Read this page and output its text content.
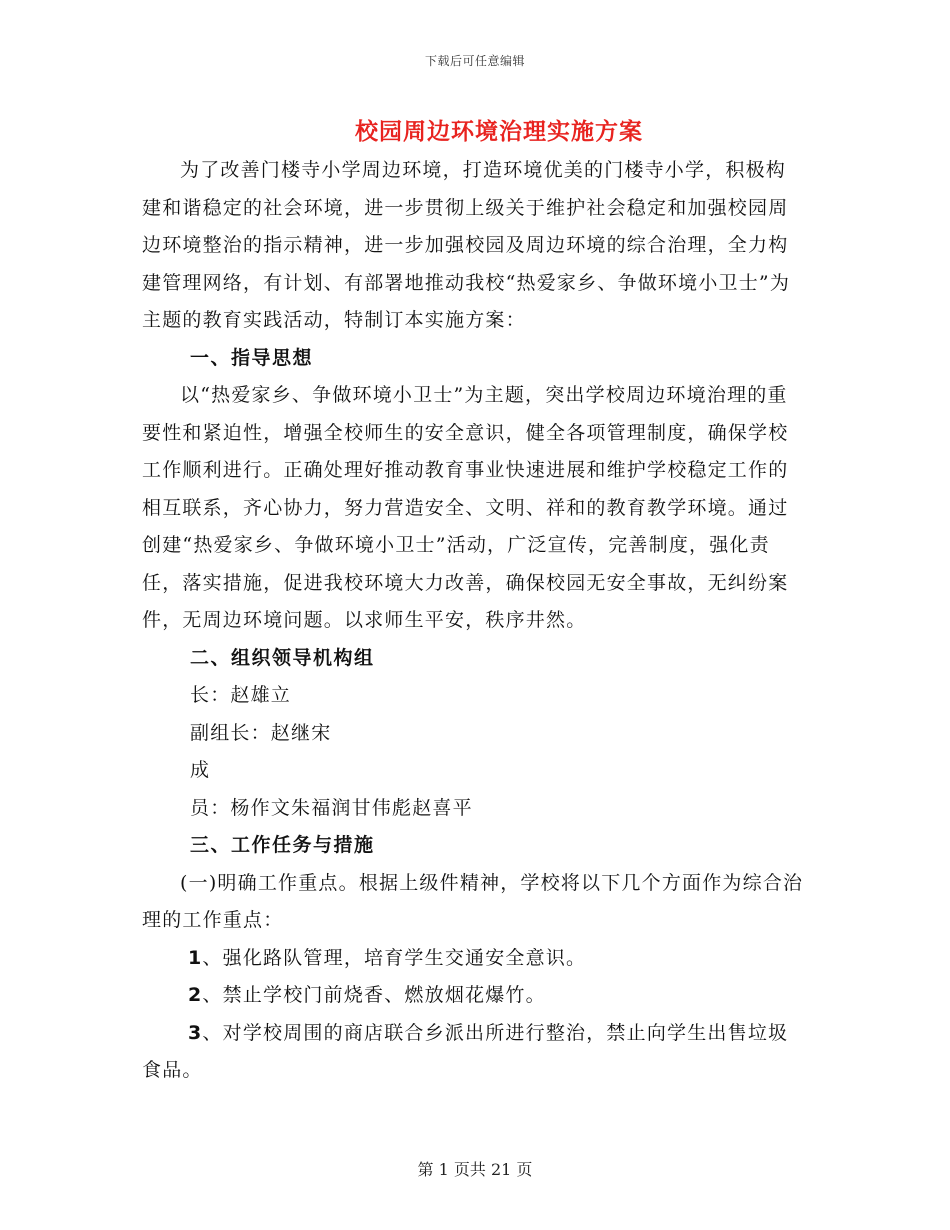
下载后可任意编辑
校园周边环境治理实施方案

为了改善门楼寺小学周边环境，打造环境优美的门楼寺小学，积极构建和谐稳定的社会环境，进一步贯彻上级关于维护社会稳定和加强校园周边环境整治的指示精神，进一步加强校园及周边环境的综合治理，全力构建管理网络，有计划、有部署地推动我校“热爱家乡、争做环境小卫士”为主题的教育实践活动，特制订本实施方案：

一、指导思想

以“热爱家乡、争做环境小卫士”为主题，突出学校周边环境治理的重要性和紧迫性，增强全校师生的安全意识，健全各项管理制度，确保学校工作顺利进行。正确处理好推动教育事业快速进展和维护学校稳定工作的相互联系，齐心协力，努力营造安全、文明、祥和的教育教学环境。通过创建“热爱家乡、争做环境小卫士”活动，广泛宣传，完善制度，强化责任，落实措施，促进我校环境大力改善，确保校园无安全事故，无纠纷案件，无周边环境问题。以求师生平安，秩序井然。

二、组织领导机构组

长：赵雄立

副组长：赵继宋

成

员：杨作文朱福润甘伟彪赵喜平

三、工作任务与措施

(一)明确工作重点。根据上级件精神，学校将以下几个方面作为综合治理的工作重点：

1、强化路队管理，培育学生交通安全意识。

2、禁止学校门前烧香、燃放烟花爆竹。

3、对学校周围的商店联合乡派出所进行整治，禁止向学生出售垃圾食品。

第 1 页共 21 页
